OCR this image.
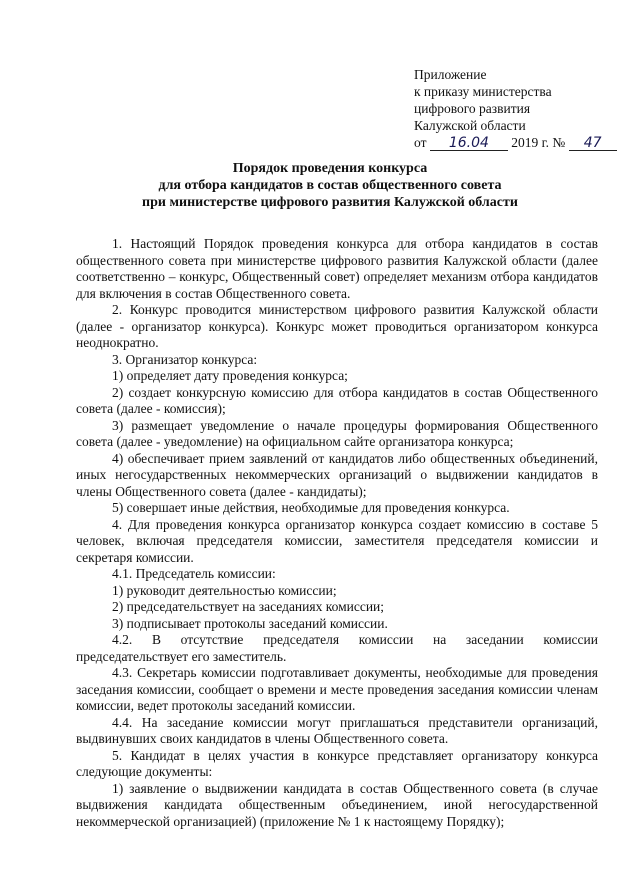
Приложение
к приказу министерства
цифрового развития
Калужской области
от 16.04 2019 г. № 47
Порядок проведения конкурса
для отбора кандидатов в состав общественного совета
при министерстве цифрового развития Калужской области

1. Настоящий Порядок проведения конкурса для отбора кандидатов в состав общественного совета при министерстве цифрового развития Калужской области (далее соответственно – конкурс, Общественный совет) определяет механизм отбора кандидатов для включения в состав Общественного совета.

2. Конкурс проводится министерством цифрового развития Калужской области (далее - организатор конкурса). Конкурс может проводиться организатором конкурса неоднократно.

3. Организатор конкурса:

1) определяет дату проведения конкурса;

2) создает конкурсную комиссию для отбора кандидатов в состав Общественного совета (далее - комиссия);

3) размещает уведомление о начале процедуры формирования Общественного совета (далее - уведомление) на официальном сайте организатора конкурса;

4) обеспечивает прием заявлений от кандидатов либо общественных объединений, иных негосударственных некоммерческих организаций о выдвижении кандидатов в члены Общественного совета (далее - кандидаты);

5) совершает иные действия, необходимые для проведения конкурса.

4. Для проведения конкурса организатор конкурса создает комиссию в составе 5 человек, включая председателя комиссии, заместителя председателя комиссии и секретаря комиссии.

4.1. Председатель комиссии:

1) руководит деятельностью комиссии;

2) председательствует на заседаниях комиссии;

3) подписывает протоколы заседаний комиссии.

4.2. В отсутствие председателя комиссии на заседании комиссии председательствует его заместитель.

4.3. Секретарь комиссии подготавливает документы, необходимые для проведения заседания комиссии, сообщает о времени и месте проведения заседания комиссии членам комиссии, ведет протоколы заседаний комиссии.

4.4. На заседание комиссии могут приглашаться представители организаций, выдвинувших своих кандидатов в члены Общественного совета.

5. Кандидат в целях участия в конкурсе представляет организатору конкурса следующие документы:

1) заявление о выдвижении кандидата в состав Общественного совета (в случае выдвижения кандидата общественным объединением, иной негосударственной некоммерческой организацией) (приложение № 1 к настоящему Порядку);
